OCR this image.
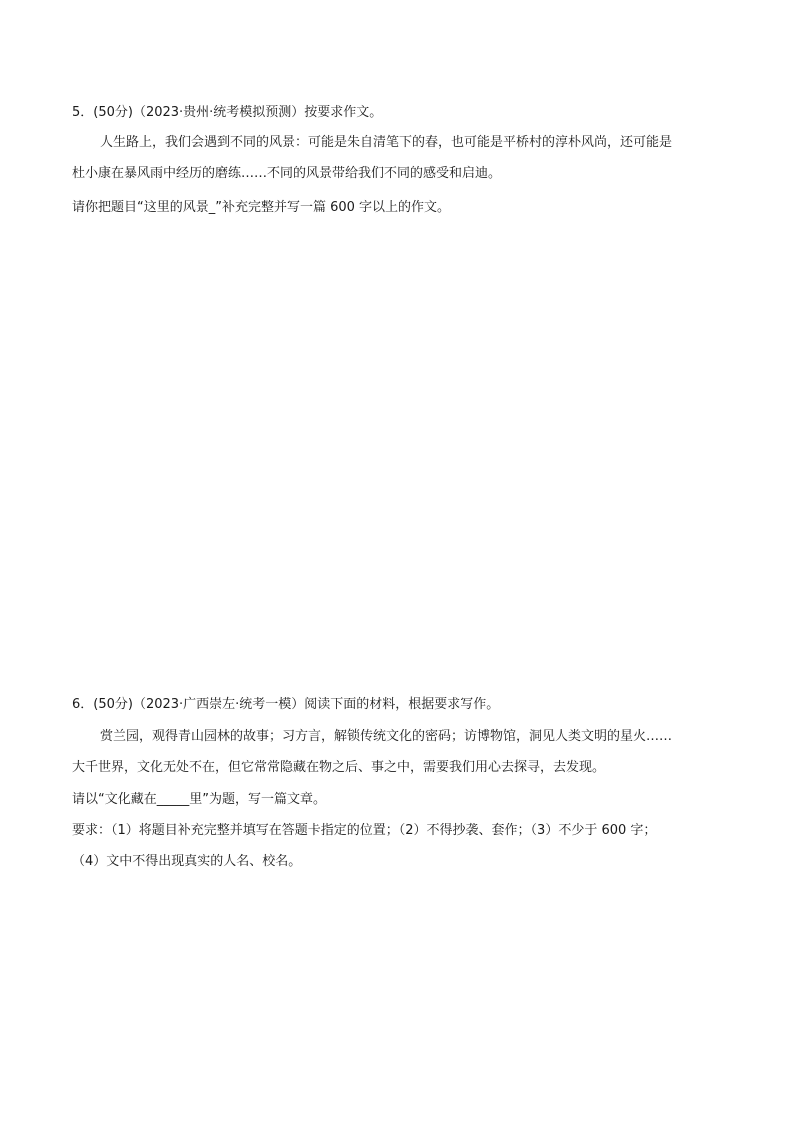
5．(50分)（2023·贵州·统考模拟预测）按要求作文。
人生路上，我们会遇到不同的风景：可能是朱自清笔下的春，也可能是平桥村的淳朴风尚，还可能是
杜小康在暴风雨中经历的磨练……不同的风景带给我们不同的感受和启迪。
请你把题目“这里的风景_”补充完整并写一篇 600 字以上的作文。
6．(50分)（2023·广西崇左·统考一模）阅读下面的材料，根据要求写作。
赏兰园，观得青山园林的故事；习方言，解锁传统文化的密码；访博物馆，洞见人类文明的星火……
大千世界，文化无处不在，但它常常隐藏在物之后、事之中，需要我们用心去探寻，去发现。
请以“文化藏在_____里”为题，写一篇文章。
要求：（1）将题目补充完整并填写在答题卡指定的位置；（2）不得抄袭、套作；（3）不少于 600 字；
（4）文中不得出现真实的人名、校名。
